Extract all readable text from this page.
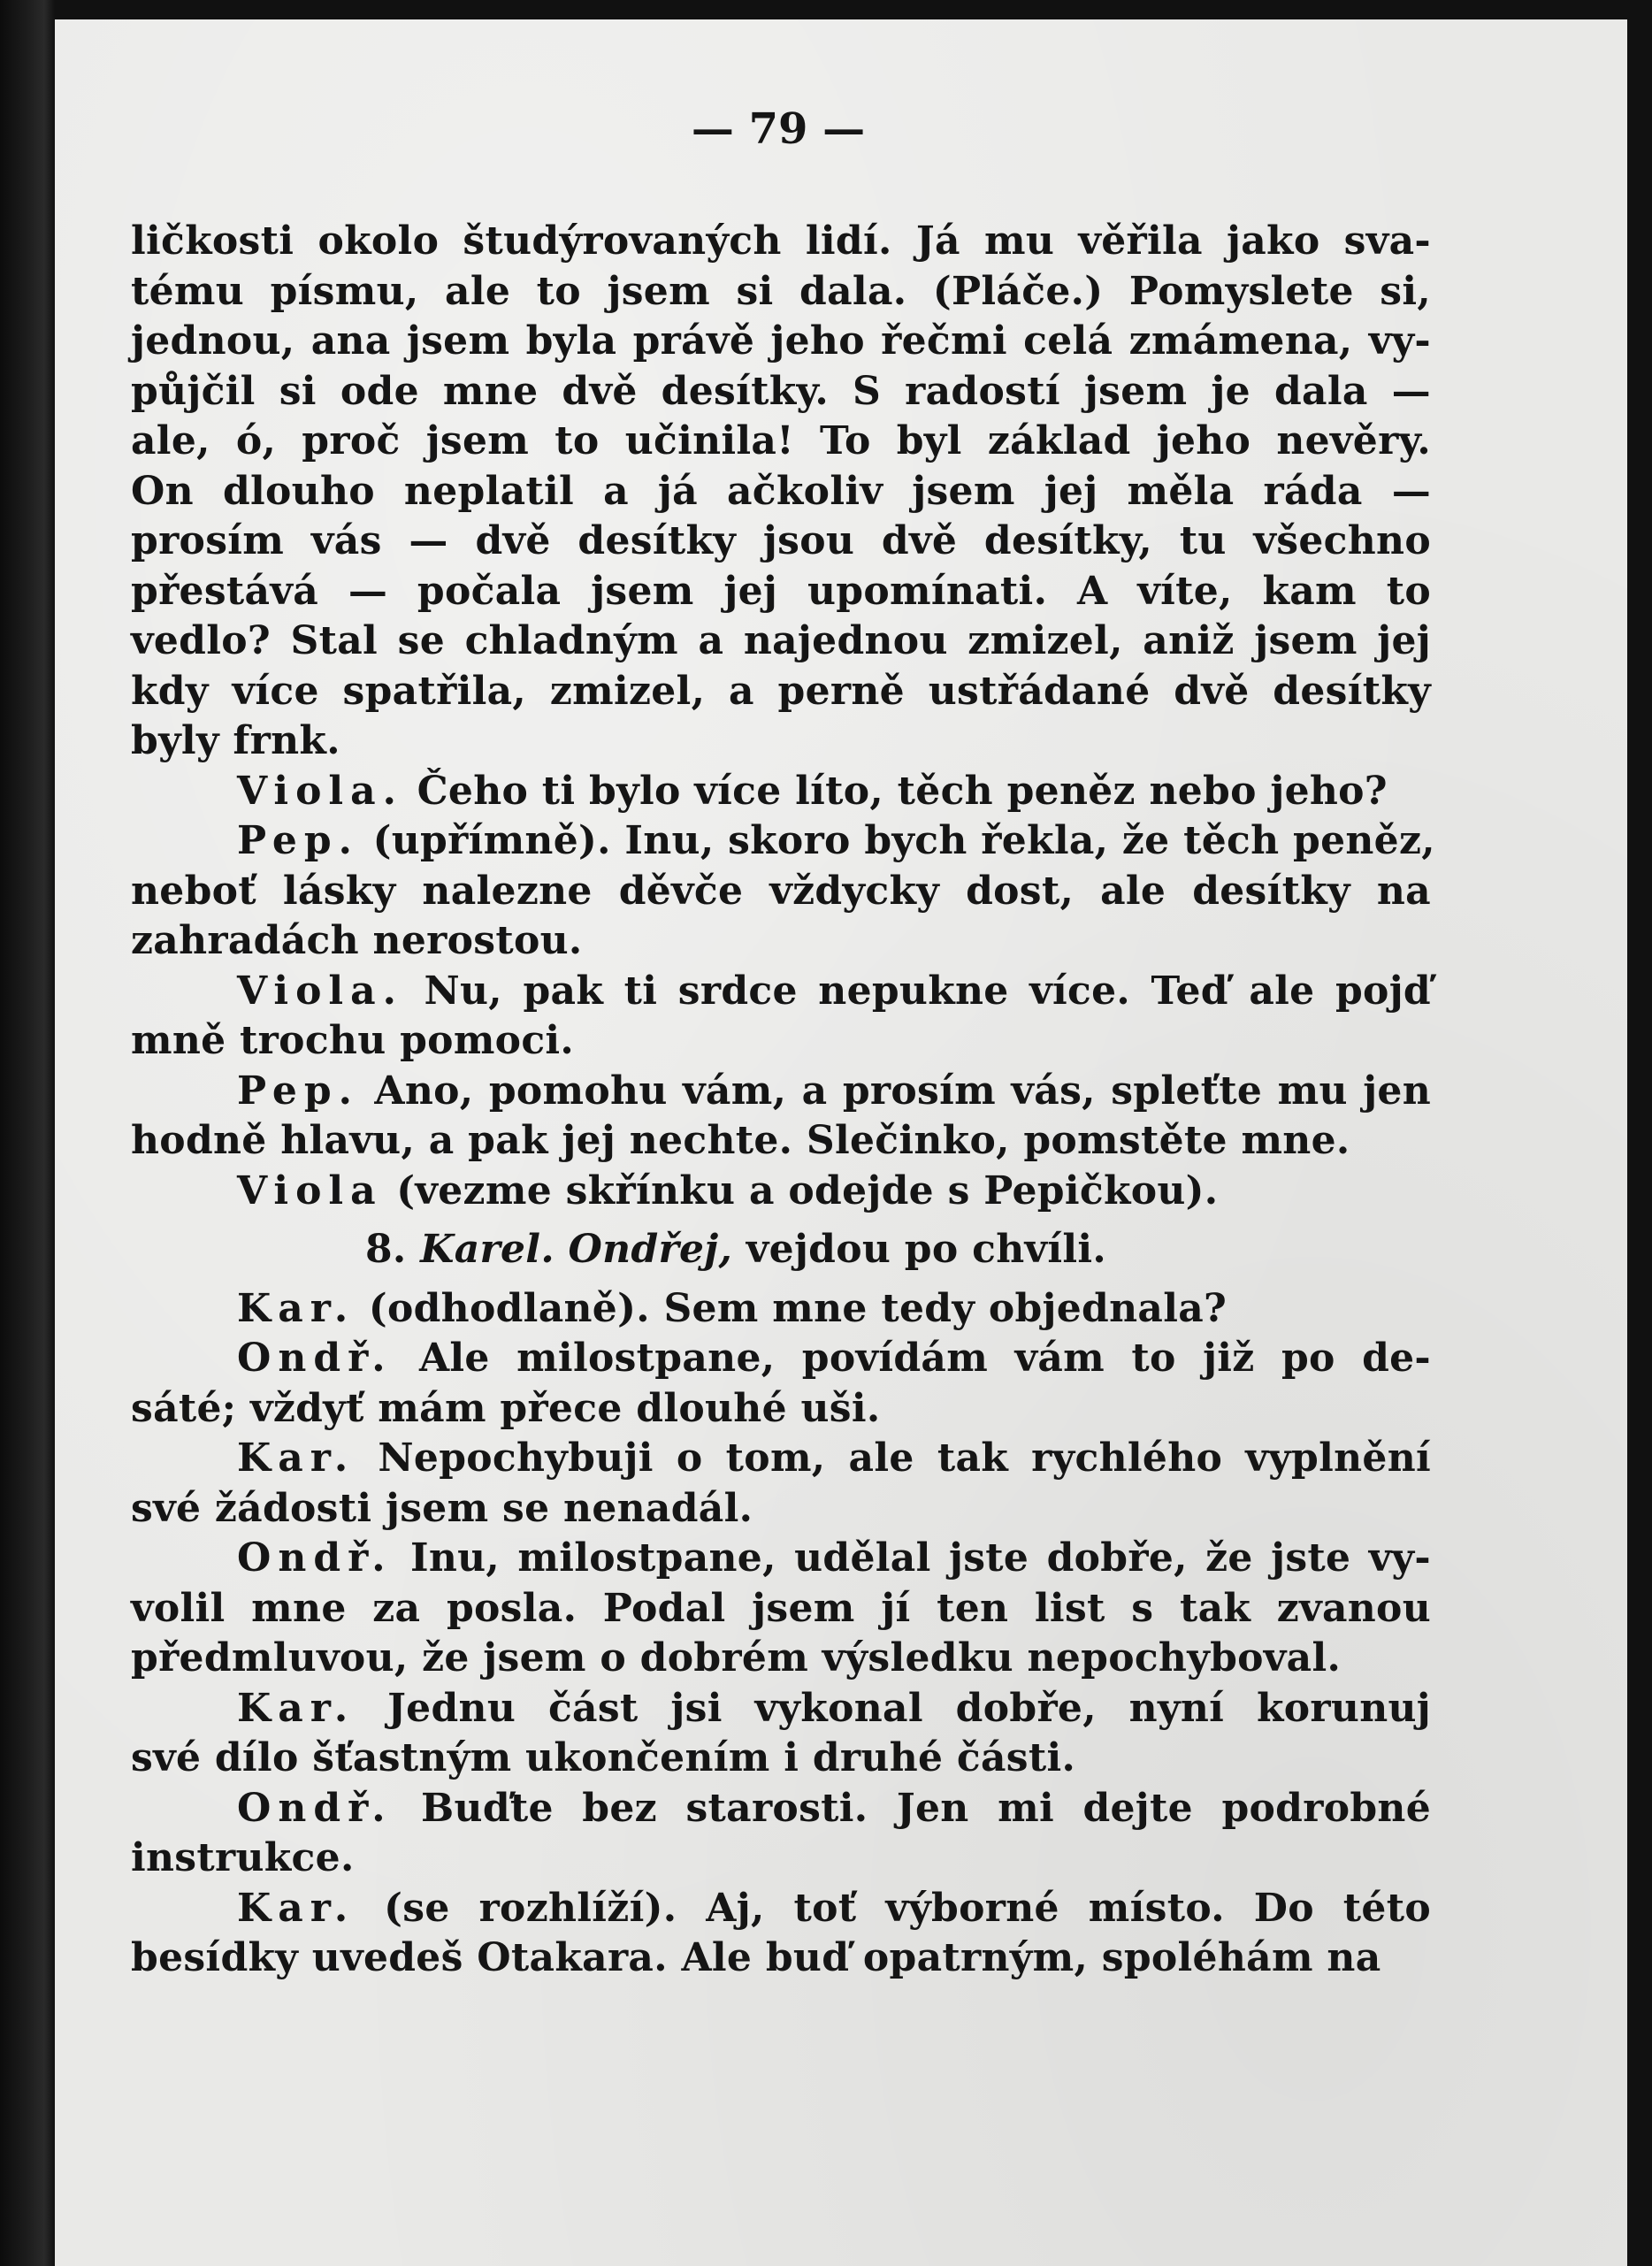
— 79 —
ličkosti okolo študýrovaných lidí. Já mu věřila jako sva-
tému písmu, ale to jsem si dala. (Pláče.) Pomyslete si,
jednou, ana jsem byla právě jeho řečmi celá zmámena, vy-
půjčil si ode mne dvě desítky. S radostí jsem je dala —
ale, ó, proč jsem to učinila! To byl základ jeho nevěry.
On dlouho neplatil a já ačkoliv jsem jej měla ráda —
prosím vás — dvě desítky jsou dvě desítky, tu všechno
přestává — počala jsem jej upomínati. A víte, kam to
vedlo? Stal se chladným a najednou zmizel, aniž jsem jej
kdy více spatřila, zmizel, a perně ustřádané dvě desítky
byly frnk.
Viola. Čeho ti bylo více líto, těch peněz nebo jeho?
Pep. (upřímně). Inu, skoro bych řekla, že těch peněz,
neboť lásky nalezne děvče vždycky dost, ale desítky na
zahradách nerostou.
Viola. Nu, pak ti srdce nepukne více. Teď ale pojď
mně trochu pomoci.
Pep. Ano, pomohu vám, a prosím vás, spleťte mu jen
hodně hlavu, a pak jej nechte. Slečinko, pomstěte mne.
Viola (vezme skřínku a odejde s Pepičkou).
8. Karel. Ondřej, vejdou po chvíli.
Kar. (odhodlaně). Sem mne tedy objednala?
Ondř. Ale milostpane, povídám vám to již po de-
sáté; vždyť mám přece dlouhé uši.
Kar. Nepochybuji o tom, ale tak rychlého vyplnění
své žádosti jsem se nenadál.
Ondř. Inu, milostpane, udělal jste dobře, že jste vy-
volil mne za posla. Podal jsem jí ten list s tak zvanou
předmluvou, že jsem o dobrém výsledku nepochyboval.
Kar. Jednu část jsi vykonal dobře, nyní korunuj
své dílo šťastným ukončením i druhé části.
Ondř. Buďte bez starosti. Jen mi dejte podrobné
instrukce.
Kar. (se rozhlíží). Aj, toť výborné místo. Do této
besídky uvedeš Otakara. Ale buď opatrným, spoléhám na
